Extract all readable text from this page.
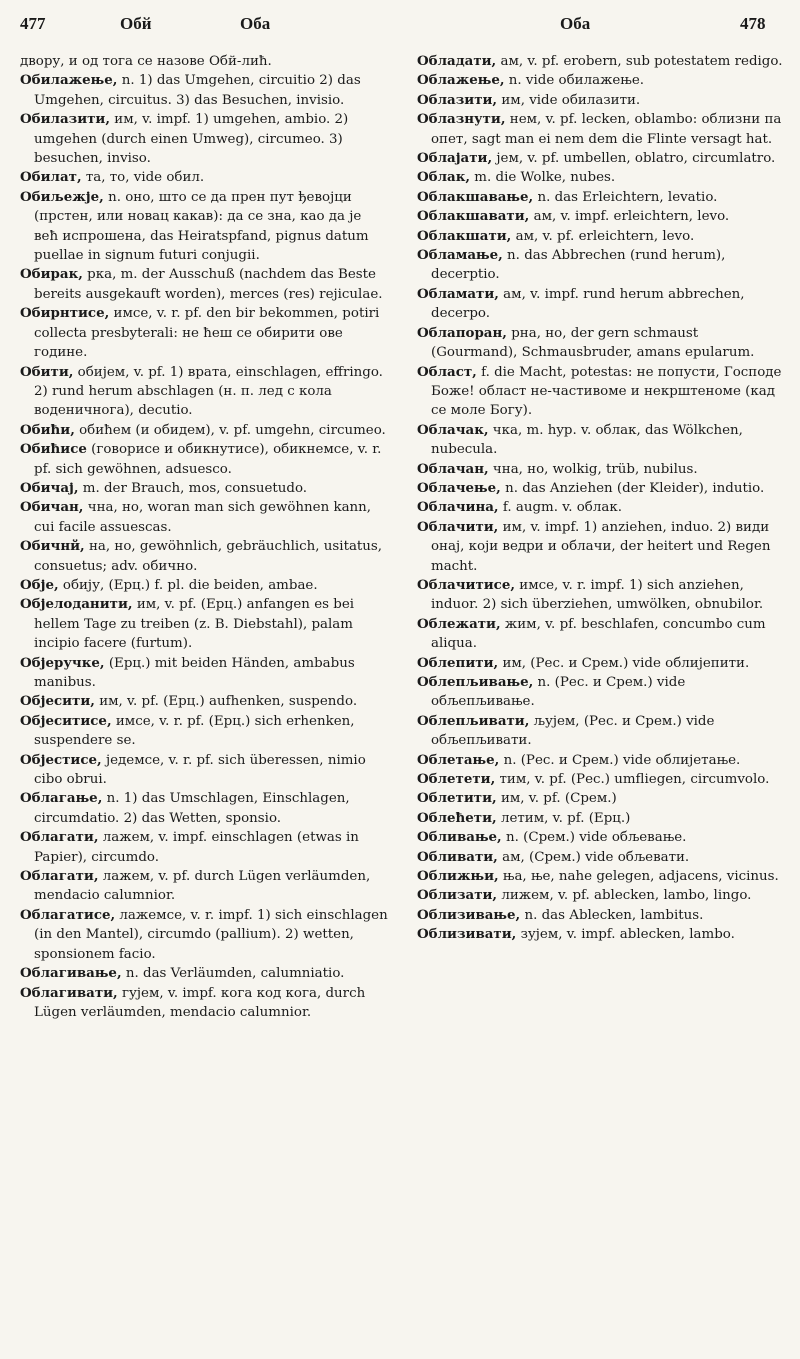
477	Обй	Оба	Оба	478

двору, и од тога се назове Обй-лиħ.

Обилажење, n. 1) das Umgehen, circuitio 2) das Umgehen, circuitus. 3) das Besuchen, invisio.

Обилазити, им, v. impf. 1) umgehen, ambio. 2) umgehen (durch einen Umweg), circumeo. 3) besuchen, inviso.

Обилат, та, то, vide обил.

Обиљежје, n. оно, што се да прен пут ђевојци (прстен, или новац какав): да се зна, као да је веħ испрошена, das Heiratspfand, pignus datum puellae in signum futuri conjugii.

Обирак, рка, m. der Ausschuß (nachdem das Beste bereits ausgekauft worden), merces (res) rejiculae.

Обирнтисе, имсе, v. r. pf. den bir bekommen, potiri collecta presbyterali: не ħеш се обирити ове године.

Обити, обијем, v. pf. 1) врата, einschlagen, effringo. 2) rund herum abschlagen (н. п. лед с кола воденичнога), decutio.

Обиħи, обиħем (и обидем), v. pf. umgehn, circumeo.

Обиħисе (говорисе и обикнутисе), обикнемсе, v. r. pf. sich gewöhnen, adsuesco.

Обичај, m. der Brauch, mos, consuetudo.

Обичан, чна, но, woran man sich gewöhnen kann, cui facile assuescas.

Обичнй, на, но, gewöhnlich, gebräuchlich, usitatus, consuetus; adv. обично.

Обје, обију, (Ерц.) f. pl. die beiden, ambae.

Објелоданити, им, v. pf. (Ерц.) anfangen es bei hellem Tage zu treiben (z. B. Diebstahl), palam incipio facere (furtum).

Објеручке, (Ерц.) mit beiden Händen, ambabus manibus.

Објесити, им, v. pf. (Ерц.) aufhenken, suspendo.

Објеситисе, имсе, v. r. pf. (Ерц.) sich erhenken, suspendere se.

Објестисе, једемсе, v. r. pf. sich überessen, nimio cibo obrui.

Облагање, n. 1) das Umschlagen, Einschlagen, circumdatio. 2) das Wetten, sponsio.

Облагати, лажем, v. impf. einschlagen (etwas in Papier), circumdo.

Облагати, лажем, v. pf. durch Lügen verläumden, mendacio calumnior.

Облагатисе, лажемсе, v. r. impf. 1) sich einschlagen (in den Mantel), circumdo (pallium). 2) wetten, sponsionem facio.

Облагивање, n. das Verläumden, calumniatio.

Облагивати, гујем, v. impf. кога код кога, durch Lügen verläumden, mendacio calumnior.

Обладати, ам, v. pf. erobern, sub potestatem redigo.

Облажење, n. vide обилажење.

Облазити, им, vide обилазити.

Облазнути, нем, v. pf. lecken, oblambo: облизни па опет, sagt man ei nem dem die Flinte versagt hat.

Облајати, јем, v. pf. umbellen, oblatro, circumlatro.

Облак, m. die Wolke, nubes.

Облакшавање, n. das Erleichtern, levatio.

Облакшавати, ам, v. impf. erleichtern, levo.

Облакшати, ам, v. pf. erleichtern, levo.

Обламање, n. das Abbrechen (rund herum), decerptio.

Обламати, ам, v. impf. rund herum abbrechen, decerpo.

Облапоран, рна, но, der gern schmaust (Gourmand), Schmausbruder, amans epularum.

Област, f. die Macht, potestas: не попусти, Господе Боже! област не-частивоме и некрштеноме (кад се моле Богу).

Облачак, чка, m. hyp. v. облак, das Wölkchen, nubecula.

Облачан, чна, но, wolkig, trüb, nubilus.

Облачење, n. das Anziehen (der Kleider), indutio.

Облачина, f. augm. v. облак.

Облачити, им, v. impf. 1) anziehen, induo. 2) види онај, који ведри и облачи, der heitert und Regen macht.

Облачитисе, имсе, v. r. impf. 1) sich anziehen, induor. 2) sich überziehen, umwölken, obnubilor.

Облежати, жим, v. pf. beschlafen, concumbo cum aliqua.

Облепити, им, (Рес. и Срем.) vide облијепити.

Облепљивање, n. (Рес. и Срем.) vide обљепљивање.

Облепљивати, љујем, (Рес. и Срем.) vide обљепљивати.

Облетање, n. (Рес. и Срем.) vide облијетање.

Облетети, тим, v. pf. (Рес.) umfliegen, circumvolo.

Облетити, им, v. pf. (Срем.)

Облеħети, летим, v. pf. (Ерц.)

Обливање, n. (Срем.) vide обљевање.

Обливати, ам, (Срем.) vide обљевати.

Оближњи, ња, ње, nahe gelegen, adjacens, vicinus.

Облизати, лижем, v. pf. ablecken, lambo, lingo.

Облизивање, n. das Ablecken, lambitus.

Облизивати, зујем, v. impf. ablecken, lambo.
